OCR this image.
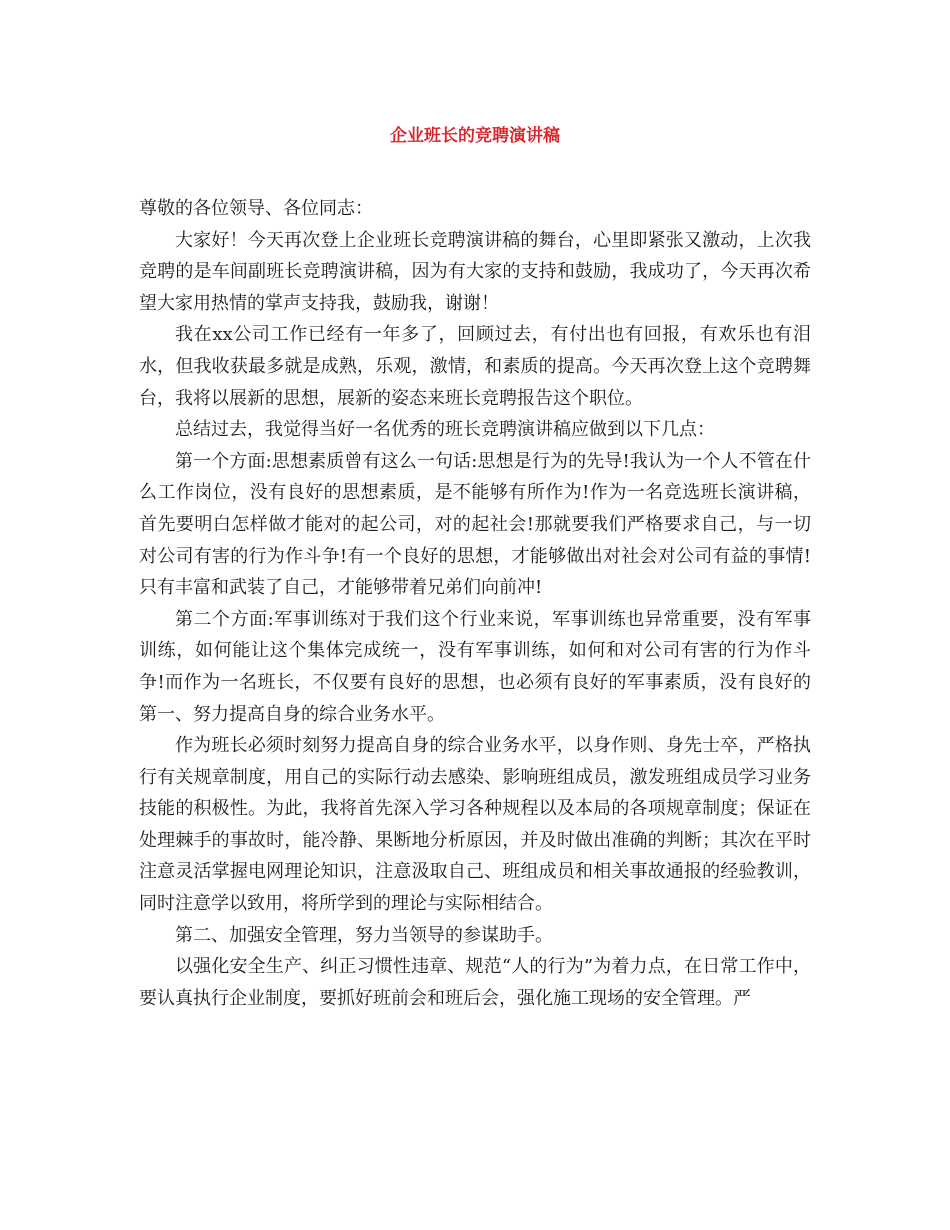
企业班长的竞聘演讲稿

尊敬的各位领导、各位同志：

大家好！今天再次登上企业班长竞聘演讲稿的舞台，心里即紧张又激动，上次我竞聘的是车间副班长竞聘演讲稿，因为有大家的支持和鼓励，我成功了，今天再次希望大家用热情的掌声支持我，鼓励我，谢谢！

我在xx公司工作已经有一年多了，回顾过去，有付出也有回报，有欢乐也有泪水，但我收获最多就是成熟，乐观，激情，和素质的提高。今天再次登上这个竞聘舞台，我将以展新的思想，展新的姿态来班长竞聘报告这个职位。

总结过去，我觉得当好一名优秀的班长竞聘演讲稿应做到以下几点：

第一个方面:思想素质曾有这么一句话:思想是行为的先导!我认为一个人不管在什么工作岗位，没有良好的思想素质，是不能够有所作为!作为一名竞选班长演讲稿，首先要明白怎样做才能对的起公司，对的起社会!那就要我们严格要求自己，与一切对公司有害的行为作斗争!有一个良好的思想，才能够做出对社会对公司有益的事情!只有丰富和武装了自己，才能够带着兄弟们向前冲!

第二个方面:军事训练对于我们这个行业来说，军事训练也异常重要，没有军事训练，如何能让这个集体完成统一，没有军事训练，如何和对公司有害的行为作斗争!而作为一名班长，不仅要有良好的思想，也必须有良好的军事素质，没有良好的 第一、努力提高自身的综合业务水平。

作为班长必须时刻努力提高自身的综合业务水平，以身作则、身先士卒，严格执行有关规章制度，用自己的实际行动去感染、影响班组成员，激发班组成员学习业务技能的积极性。为此，我将首先深入学习各种规程以及本局的各项规章制度；保证在处理棘手的事故时，能冷静、果断地分析原因，并及时做出准确的判断；其次在平时注意灵活掌握电网理论知识，注意汲取自己、班组成员和相关事故通报的经验教训，同时注意学以致用，将所学到的理论与实际相结合。

第二、加强安全管理，努力当领导的参谋助手。

以强化安全生产、纠正习惯性违章、规范“人的行为”为着力点，在日常工作中，要认真执行企业制度，要抓好班前会和班后会，强化施工现场的安全管理。严
